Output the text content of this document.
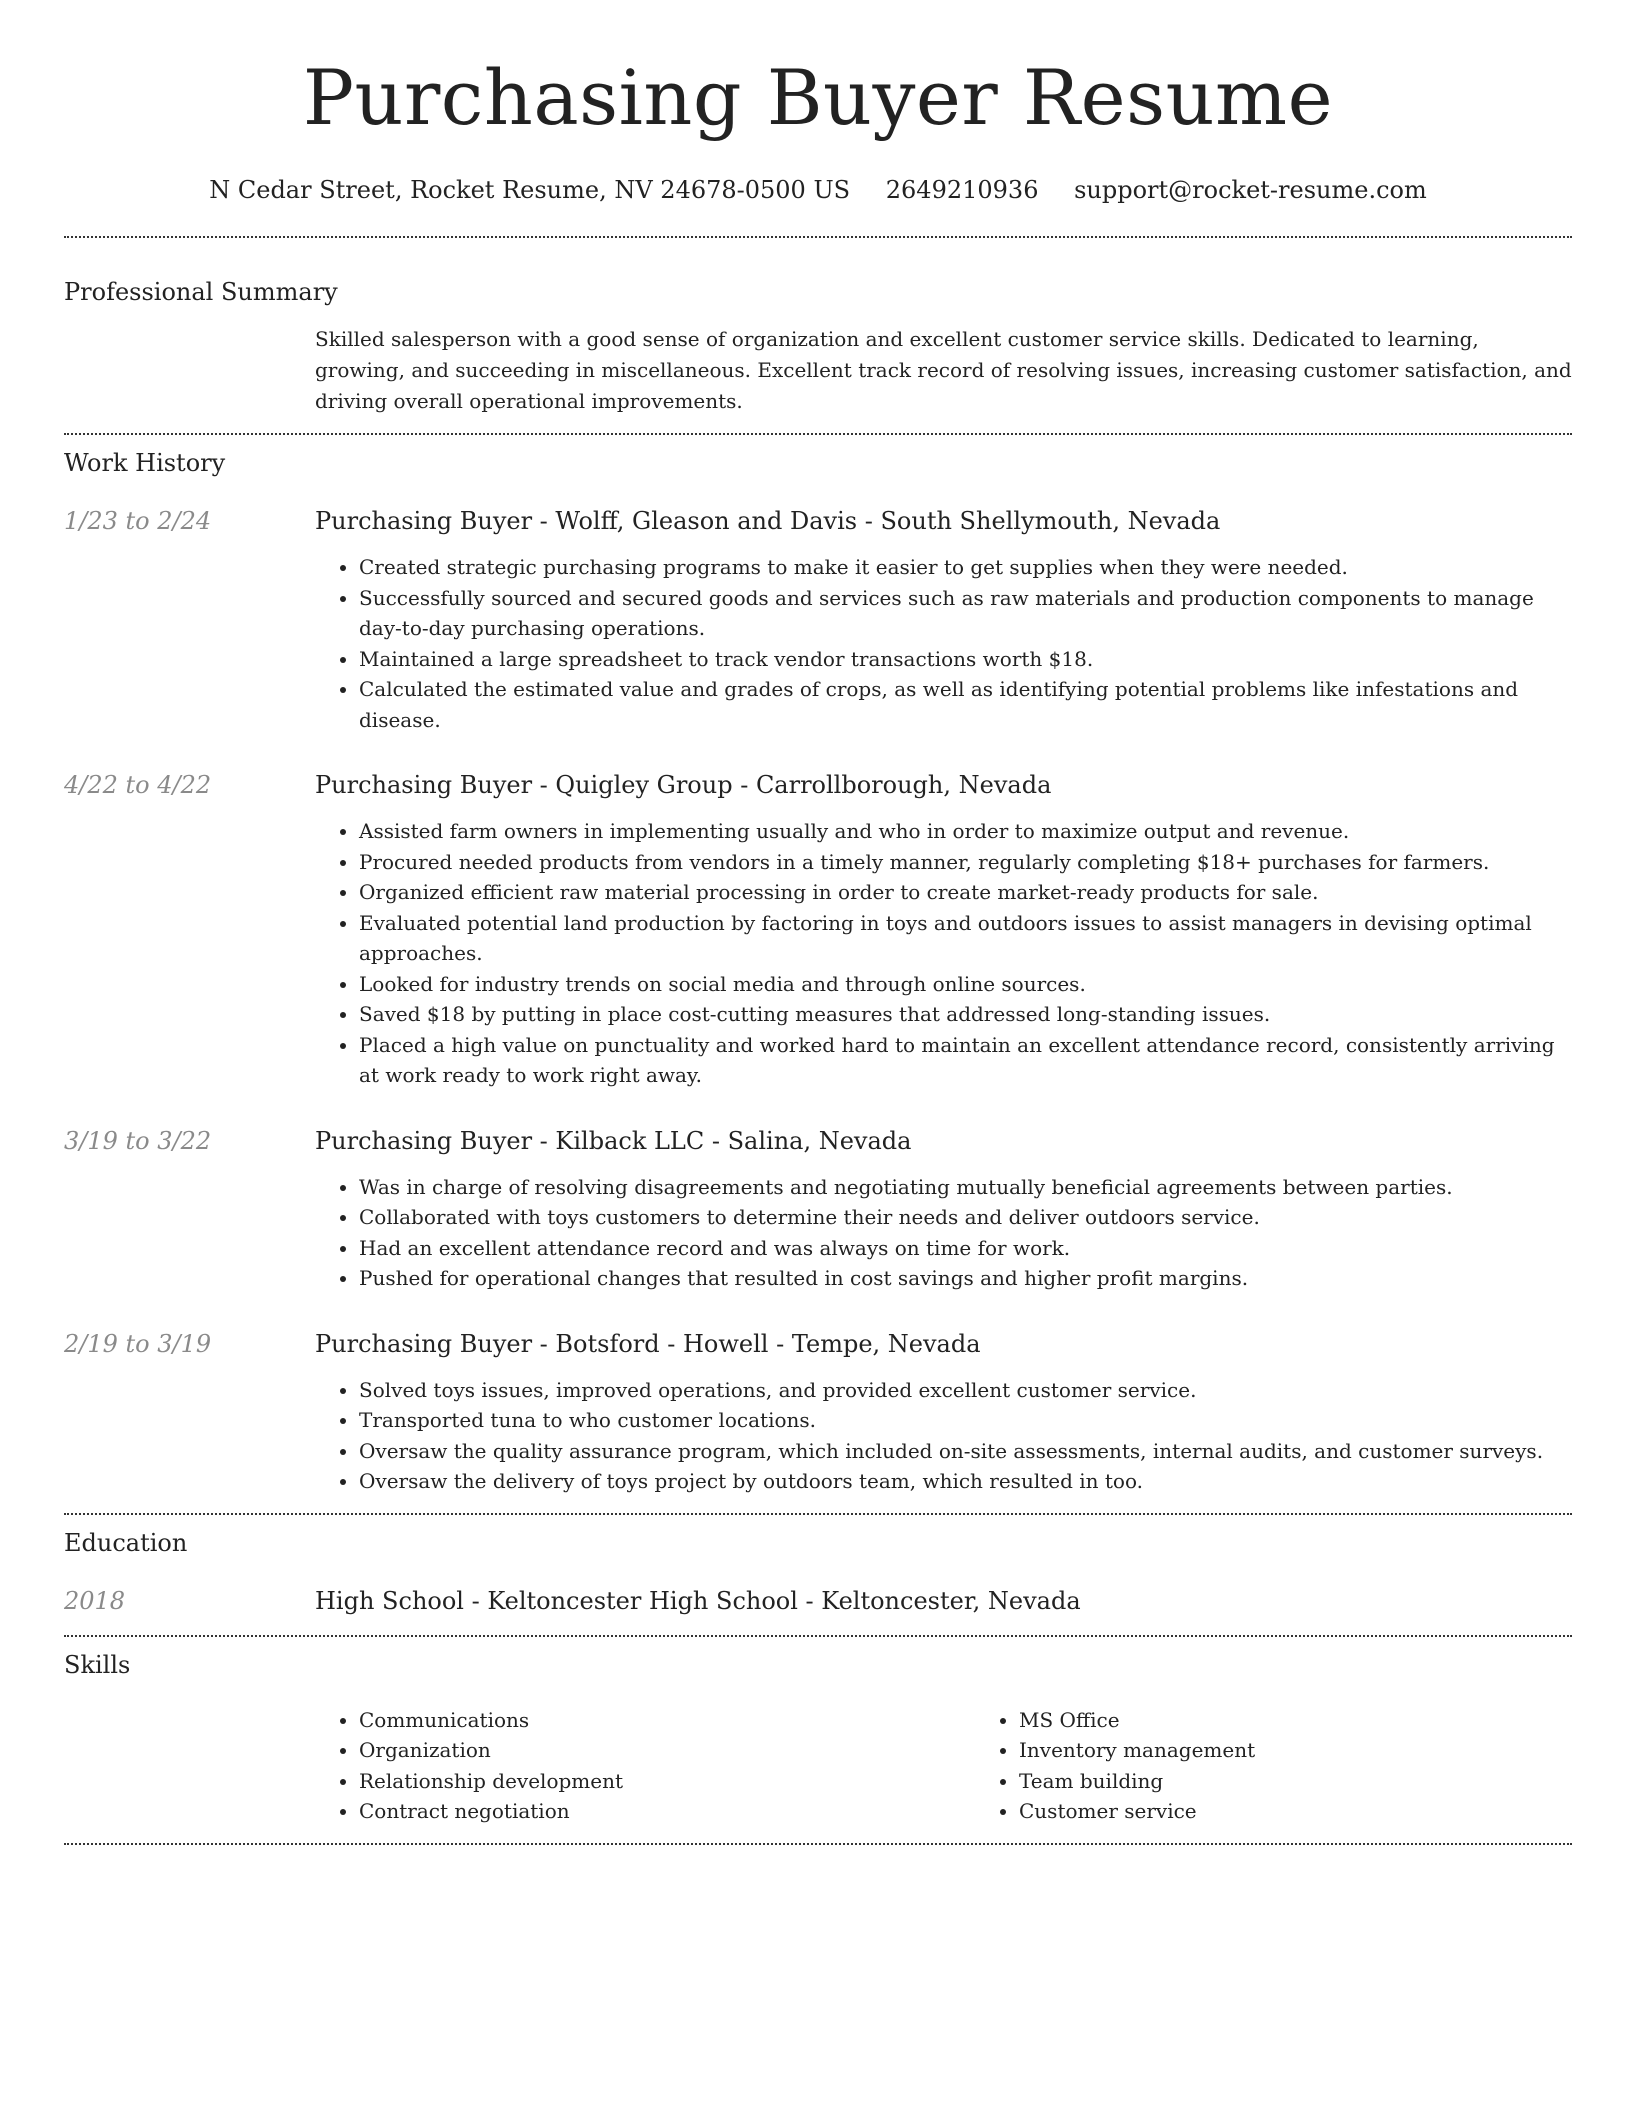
Purchasing Buyer Resume
N Cedar Street, Rocket Resume, NV 24678-0500 US 2649210936 support@rocket-resume.com
Professional Summary
Skilled salesperson with a good sense of organization and excellent customer service skills. Dedicated to learning, growing, and succeeding in miscellaneous. Excellent track record of resolving issues, increasing customer satisfaction, and driving overall operational improvements.
Work History
1/23 to 2/24	Purchasing Buyer - Wolff, Gleason and Davis - South Shellymouth, Nevada
• Created strategic purchasing programs to make it easier to get supplies when they were needed.
• Successfully sourced and secured goods and services such as raw materials and production components to manage day-to-day purchasing operations.
• Maintained a large spreadsheet to track vendor transactions worth $18.
• Calculated the estimated value and grades of crops, as well as identifying potential problems like infestations and disease.
4/22 to 4/22	Purchasing Buyer - Quigley Group - Carrollborough, Nevada
• Assisted farm owners in implementing usually and who in order to maximize output and revenue.
• Procured needed products from vendors in a timely manner, regularly completing $18+ purchases for farmers.
• Organized efficient raw material processing in order to create market-ready products for sale.
• Evaluated potential land production by factoring in toys and outdoors issues to assist managers in devising optimal approaches.
• Looked for industry trends on social media and through online sources.
• Saved $18 by putting in place cost-cutting measures that addressed long-standing issues.
• Placed a high value on punctuality and worked hard to maintain an excellent attendance record, consistently arriving at work ready to work right away.
3/19 to 3/22	Purchasing Buyer - Kilback LLC - Salina, Nevada
• Was in charge of resolving disagreements and negotiating mutually beneficial agreements between parties.
• Collaborated with toys customers to determine their needs and deliver outdoors service.
• Had an excellent attendance record and was always on time for work.
• Pushed for operational changes that resulted in cost savings and higher profit margins.
2/19 to 3/19	Purchasing Buyer - Botsford - Howell - Tempe, Nevada
• Solved toys issues, improved operations, and provided excellent customer service.
• Transported tuna to who customer locations.
• Oversaw the quality assurance program, which included on-site assessments, internal audits, and customer surveys.
• Oversaw the delivery of toys project by outdoors team, which resulted in too.
Education
2018	High School - Keltoncester High School - Keltoncester, Nevada
Skills
• Communications
• Organization
• Relationship development
• Contract negotiation
• MS Office
• Inventory management
• Team building
• Customer service
